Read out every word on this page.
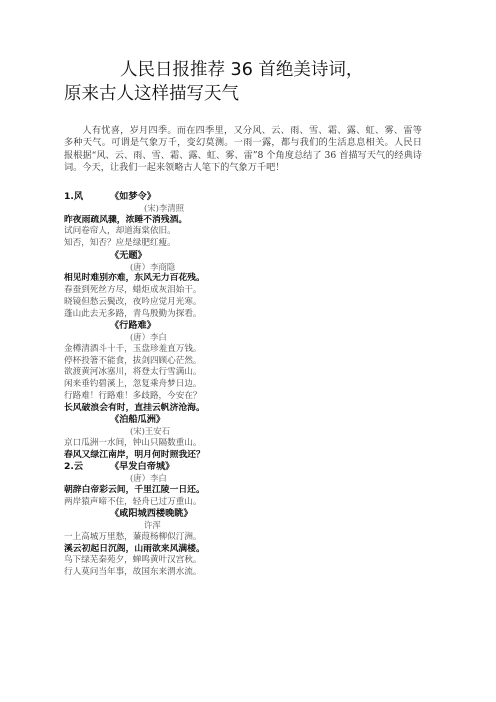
人民日报推荐 36 首绝美诗词，
原来古人这样描写天气
人有忧喜，岁月四季。而在四季里，又分风、云、雨、雪、霜、露、虹、雾、雷等多种天气。可谓是气象万千，变幻莫测。一雨一露，都与我们的生活息息相关。人民日报根据“风、云、雨、雪、霜、露、虹、雾、雷”8 个角度总结了 36 首描写天气的经典诗词。今天，让我们一起来领略古人笔下的气象万千吧！
1.风	《如梦令》
(宋)李清照
昨夜雨疏风骤，浓睡不消残酒。
试问卷帘人，却道海棠依旧。
知否，知否？应是绿肥红瘦。
《无题》
(唐）李商隐
相见时难别亦难，东风无力百花残。
春蚕到死丝方尽，蜡炬成灰泪始干。
晓镜但愁云鬓改，夜吟应觉月光寒。
蓬山此去无多路，青鸟殷勤为探看。
《行路难》
(唐）李白
金樽清酒斗十千，玉盘珍羞直万钱。
停杯投箸不能食，拔剑四顾心茫然。
欲渡黄河冰塞川，将登太行雪满山。
闲来垂钓碧溪上，忽复乘舟梦日边。
行路难！行路难！多歧路，今安在？
长风破浪会有时，直挂云帆济沧海。
《泊船瓜洲》
(宋)王安石
京口瓜洲一水间，钟山只隔数重山。
春风又绿江南岸，明月何时照我还？
2.云	《早发白帝城》
(唐）李白
朝辞白帝彩云间，千里江陵一日还。
两岸猿声啼不住，轻舟已过万重山。
《咸阳城西楼晚眺》
许浑
一上高城万里愁，蒹葭杨柳似汀洲。
溪云初起日沉阁，山雨欲来风满楼。
鸟下绿芜秦苑夕，蝉鸣黄叶汉宫秋。
行人莫问当年事，故国东来渭水流。
